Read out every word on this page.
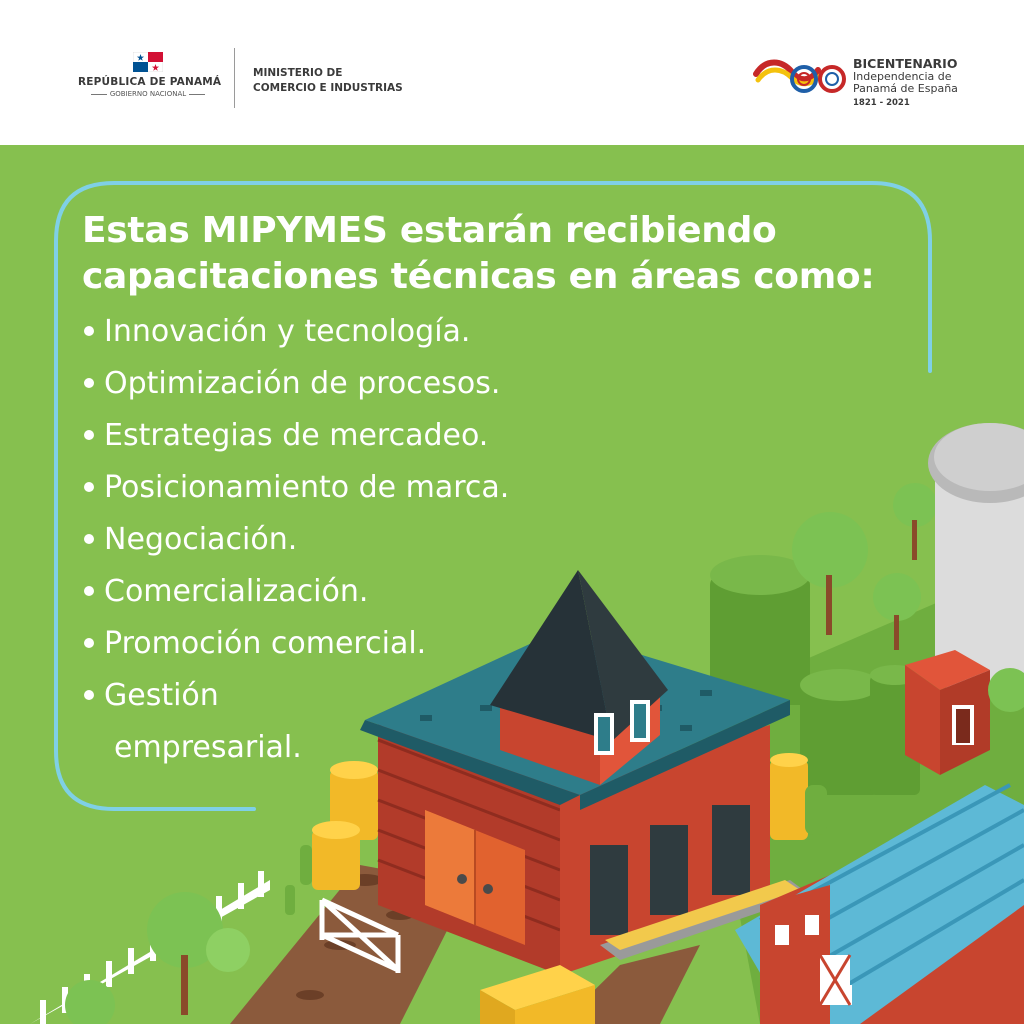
REPÚBLICA DE PANAMÁ
GOBIERNO NACIONAL
MINISTERIO DE
COMERCIO E INDUSTRIAS
BICENTENARIO
Independencia de
Panamá de España
1821 - 2021
Estas MIPYMES estarán recibiendo
capacitaciones técnicas en áreas como:
Innovación y tecnología.
Optimización de procesos.
Estrategias de mercadeo.
Posicionamiento de marca.
Negociación.
Comercialización.
Promoción comercial.
Gestión
empresarial.
